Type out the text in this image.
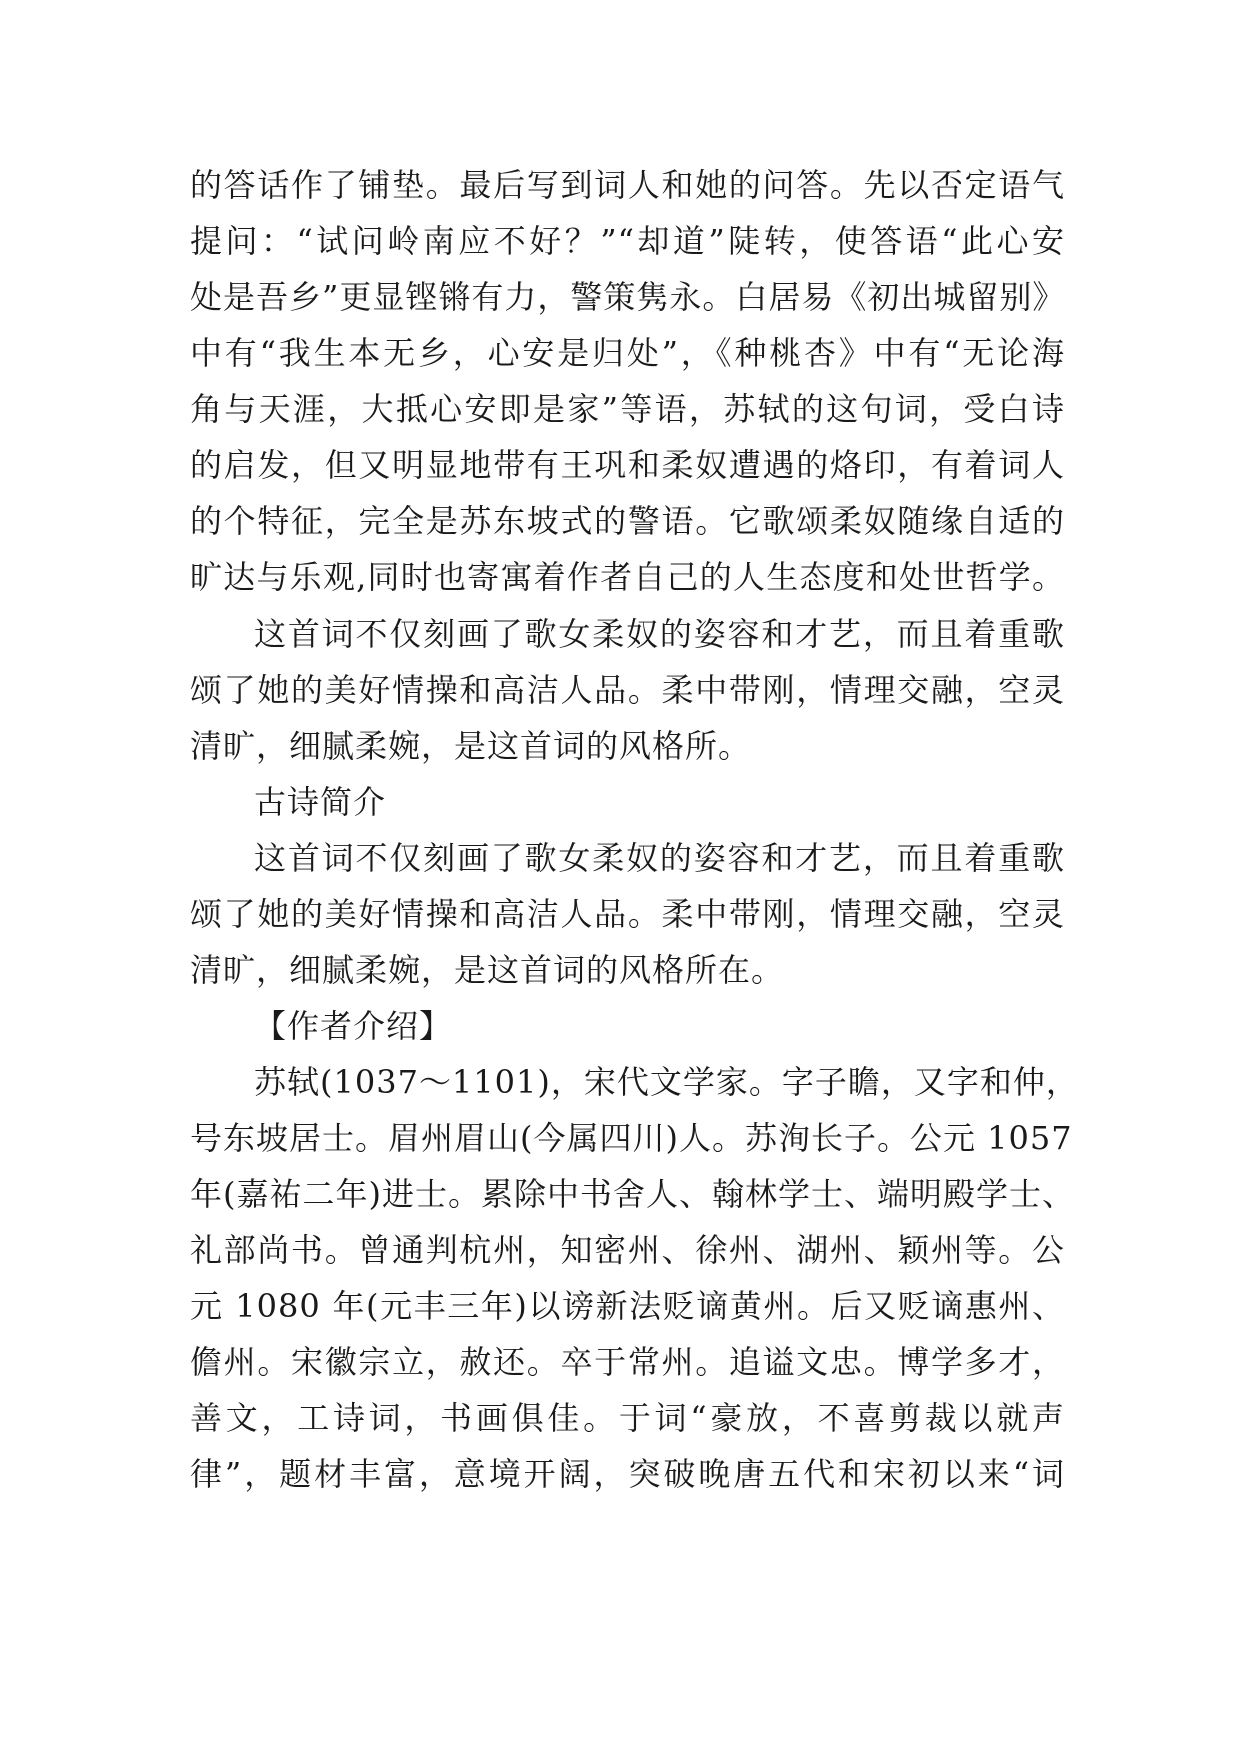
的答话作了铺垫。最后写到词人和她的问答。先以否定语气
提问：“试问岭南应不好？”“却道”陡转，使答语“此心安
处是吾乡”更显铿锵有力，警策隽永。白居易《初出城留别》
中有“我生本无乡，心安是归处”，《种桃杏》中有“无论海
角与天涯，大抵心安即是家”等语，苏轼的这句词，受白诗
的启发，但又明显地带有王巩和柔奴遭遇的烙印，有着词人
的个特征，完全是苏东坡式的警语。它歌颂柔奴随缘自适的
旷达与乐观,同时也寄寓着作者自己的人生态度和处世哲学。
这首词不仅刻画了歌女柔奴的姿容和才艺，而且着重歌
颂了她的美好情操和高洁人品。柔中带刚，情理交融，空灵
清旷，细腻柔婉，是这首词的风格所。
古诗简介
这首词不仅刻画了歌女柔奴的姿容和才艺，而且着重歌
颂了她的美好情操和高洁人品。柔中带刚，情理交融，空灵
清旷，细腻柔婉，是这首词的风格所在。
【作者介绍】
苏轼(1037～1101)，宋代文学家。字子瞻，又字和仲，
号东坡居士。眉州眉山(今属四川)人。苏洵长子。公元 1057
年(嘉祐二年)进士。累除中书舍人、翰林学士、端明殿学士、
礼部尚书。曾通判杭州，知密州、徐州、湖州、颖州等。公
元 1080 年(元丰三年)以谤新法贬谪黄州。后又贬谪惠州、
儋州。宋徽宗立，赦还。卒于常州。追谥文忠。博学多才，
善文，工诗词，书画俱佳。于词“豪放，不喜剪裁以就声
律”，题材丰富，意境开阔，突破晚唐五代和宋初以来“词
